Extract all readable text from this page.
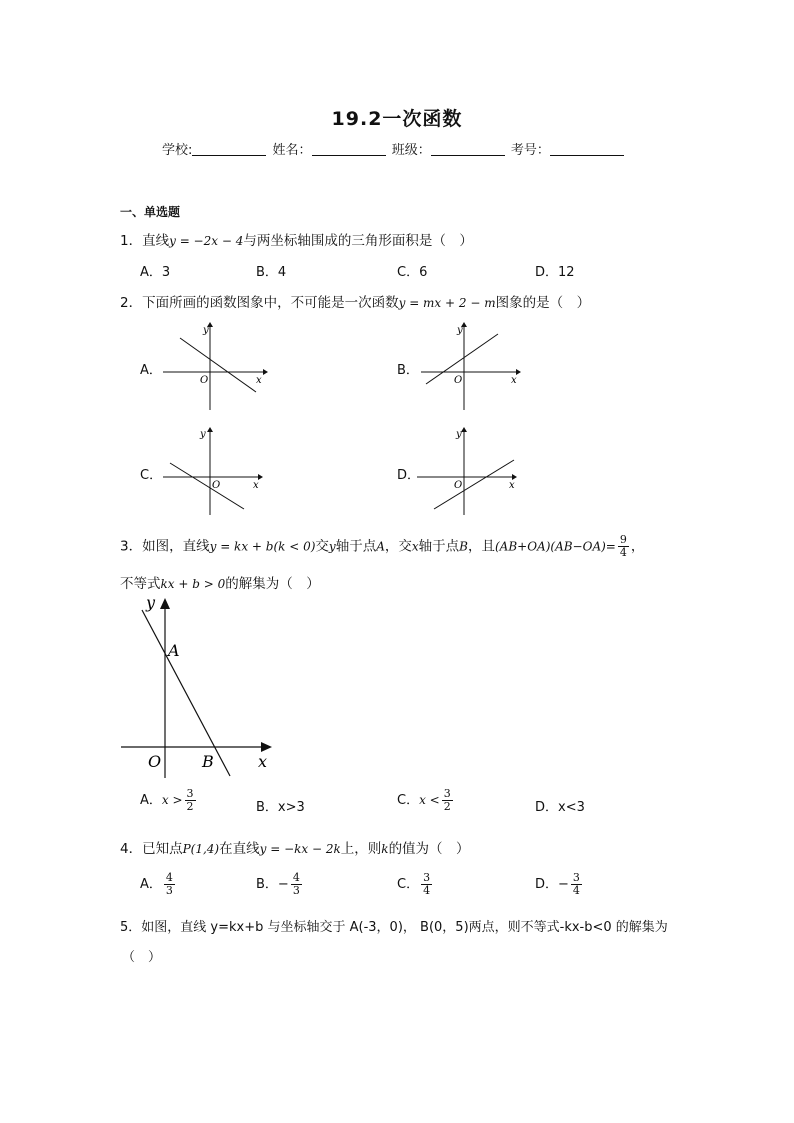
19.2一次函数
学校:	姓名：	班级：	考号：
一、单选题
1．直线y = −2x − 4与两坐标轴围成的三角形面积是（　）
A．3	B．4	C．6	D．12
2．下面所画的函数图象中，不可能是一次函数y = mx + 2 − m图象的是（　）
A．	B．
C．	D．
y
x
O
y
x
O
y
x
O
y
x
O
3．如图，直线y = kx + b(k < 0)交y轴于点A，交x轴于点B，且$(AB+OA)(AB-OA)= \frac{9}{4}$ ，
不等式kx + b > 0的解集为（　）
y
x
O
A
B
A．$x > \frac{3}{2}$	B．x>3	C．$x < \frac{3}{2}$	D．x<3
4．已知点P(1,4)在直线y = −kx − 2k上，则k的值为（　）
A． $\frac{4}{3}$	B．− $\frac{4}{3}$	C． $\frac{3}{4}$	D．− $\frac{3}{4}$
5．如图，直线 y=kx+b 与坐标轴交于 A(-3，0)， B(0，5)两点，则不等式-kx-b<0 的解集为
（　）
